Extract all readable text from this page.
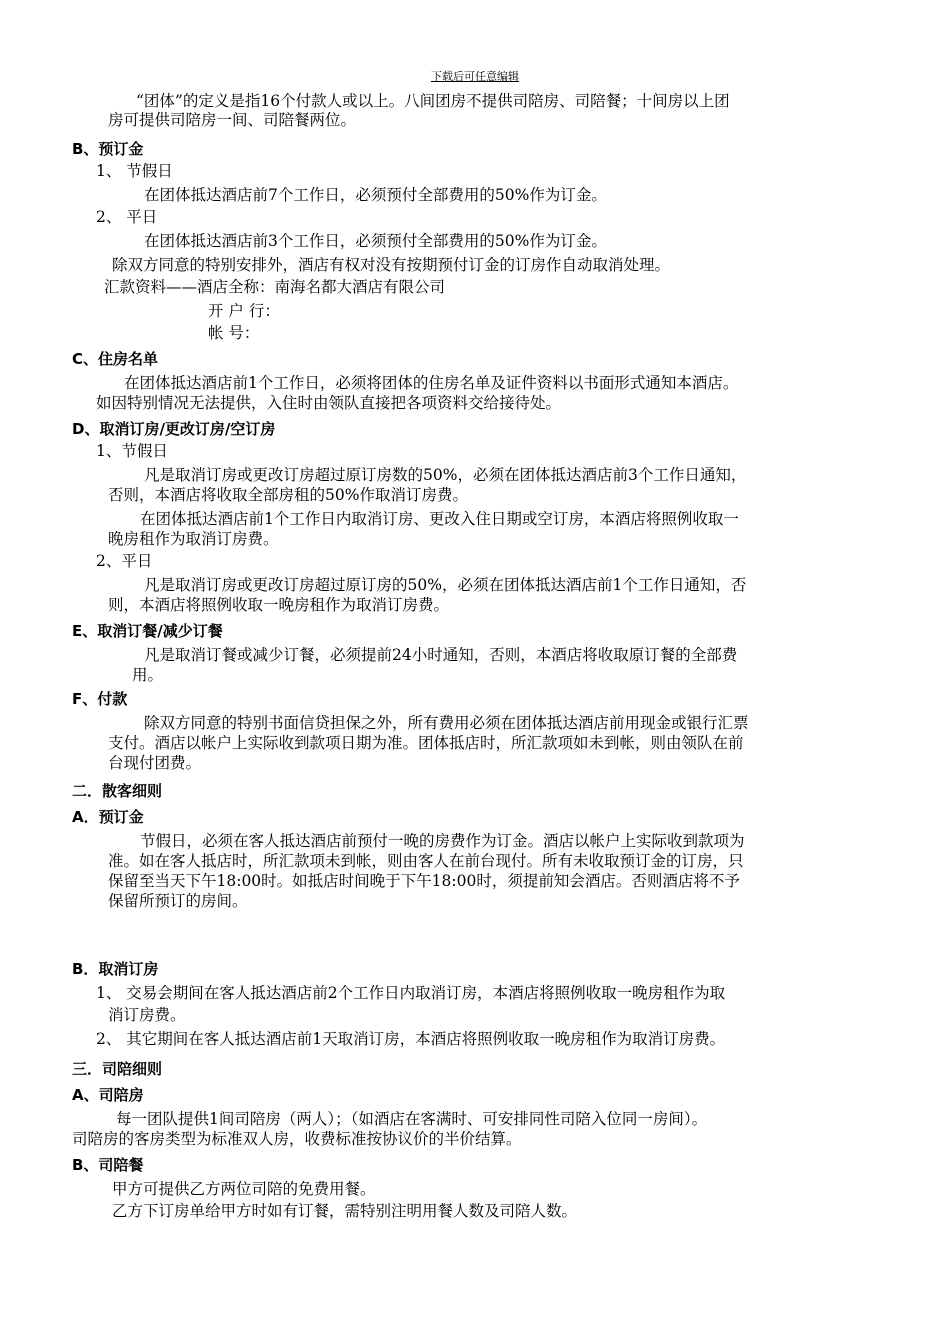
下载后可任意编辑
“团体”的定义是指16个付款人或以上。八间团房不提供司陪房、司陪餐；十间房以上团
房可提供司陪房一间、司陪餐两位。
B、预订金
1、 节假日
在团体抵达酒店前7个工作日，必须预付全部费用的50%作为订金。
2、 平日
在团体抵达酒店前3个工作日，必须预付全部费用的50%作为订金。
除双方同意的特别安排外，酒店有权对没有按期预付订金的订房作自动取消处理。
汇款资料——酒店全称：南海名都大酒店有限公司
开 户 行：
帐 号：
C、住房名单
在团体抵达酒店前1个工作日，必须将团体的住房名单及证件资料以书面形式通知本酒店。
如因特别情况无法提供，入住时由领队直接把各项资料交给接待处。
D、取消订房/更改订房/空订房
1、节假日
凡是取消订房或更改订房超过原订房数的50%，必须在团体抵达酒店前3个工作日通知，
否则，本酒店将收取全部房租的50%作取消订房费。
在团体抵达酒店前1个工作日内取消订房、更改入住日期或空订房，本酒店将照例收取一
晚房租作为取消订房费。
2、平日
凡是取消订房或更改订房超过原订房的50%，必须在团体抵达酒店前1个工作日通知，否
则，本酒店将照例收取一晚房租作为取消订房费。
E、取消订餐/减少订餐
凡是取消订餐或减少订餐，必须提前24小时通知，否则，本酒店将收取原订餐的全部费
用。
F、付款
除双方同意的特别书面信贷担保之外，所有费用必须在团体抵达酒店前用现金或银行汇票
支付。酒店以帐户上实际收到款项日期为准。团体抵店时，所汇款项如未到帐，则由领队在前
台现付团费。
二．散客细则
A．预订金
节假日，必须在客人抵达酒店前预付一晚的房费作为订金。酒店以帐户上实际收到款项为
准。如在客人抵店时，所汇款项未到帐，则由客人在前台现付。所有未收取预订金的订房，只
保留至当天下午18:00时。如抵店时间晚于下午18:00时，须提前知会酒店。否则酒店将不予
保留所预订的房间。
B．取消订房
1、 交易会期间在客人抵达酒店前2个工作日内取消订房，本酒店将照例收取一晚房租作为取
消订房费。
2、 其它期间在客人抵达酒店前1天取消订房，本酒店将照例收取一晚房租作为取消订房费。
三．司陪细则
A、司陪房
每一团队提供1间司陪房（两人）；（如酒店在客满时、可安排同性司陪入位同一房间）。
司陪房的客房类型为标准双人房，收费标准按协议价的半价结算。
B、司陪餐
甲方可提供乙方两位司陪的免费用餐。
乙方下订房单给甲方时如有订餐，需特别注明用餐人数及司陪人数。
